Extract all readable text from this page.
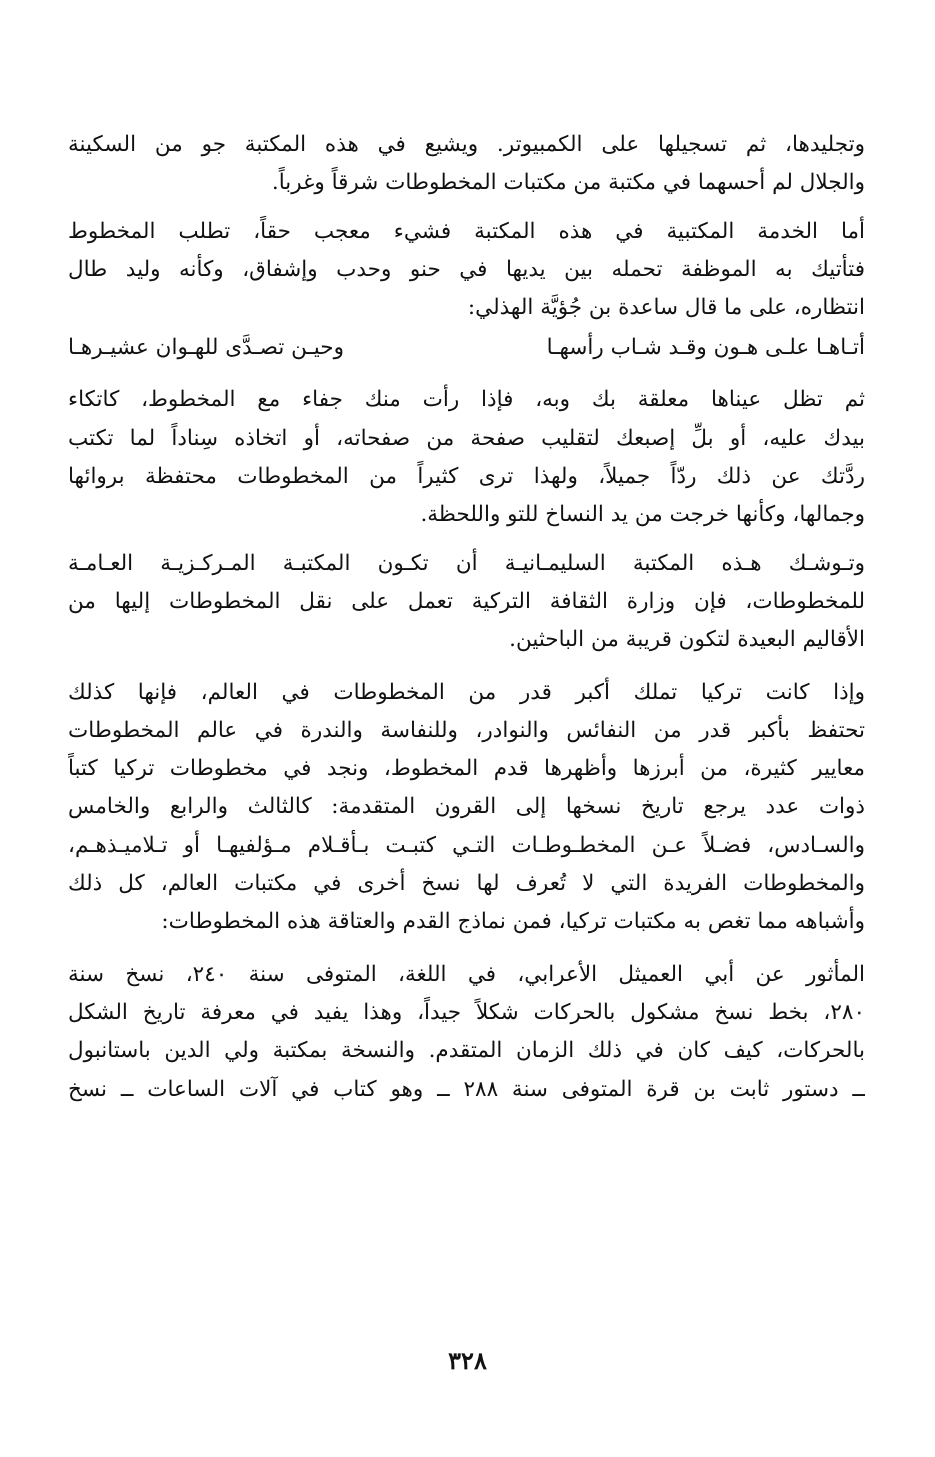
وتجليدها، ثم تسجيلها على الكمبيوتر. ويشيع في هذه المكتبة جو من السكينة
والجلال لم أحسهما في مكتبة من مكتبات المخطوطات شرقاً وغرباً.

أما الخدمة المكتبية في هذه المكتبة فشيء معجب حقاً، تطلب المخطوط
فتأتيك به الموظفة تحمله بين يديها في حنو وحدب وإشفاق، وكأنه وليد طال
انتظاره، على ما قال ساعدة بن جُؤيَّة الهذلي:

أتـاهـا علـى هـون وقـد شـاب رأسهـا
وحيـن تصـدَّى للهـوان عشيـرهـا

ثم تظل عيناها معلقة بك وبه، فإذا رأت منك جفاء مع المخطوط، كاتكاء
بيدك عليه، أو بلِّ إصبعك لتقليب صفحة من صفحاته، أو اتخاذه سِناداً لما تكتب
ردَّتك عن ذلك ردّاً جميلاً، ولهذا ترى كثيراً من المخطوطات محتفظة بروائها
وجمالها، وكأنها خرجت من يد النساخ للتو واللحظة.

وتـوشـك هـذه المكتبة السليمـانيـة أن تكـون المكتبـة المـركـزيـة العـامـة
للمخطوطات، فإن وزارة الثقافة التركية تعمل على نقل المخطوطات إليها من
الأقاليم البعيدة لتكون قريبة من الباحثين.

وإذا كانت تركيا تملك أكبر قدر من المخطوطات في العالم، فإنها كذلك
تحتفظ بأكبر قدر من النفائس والنوادر، وللنفاسة والندرة في عالم المخطوطات
معايير كثيرة، من أبرزها وأظهرها قدم المخطوط، ونجد في مخطوطات تركيا كتباً
ذوات عدد يرجع تاريخ نسخها إلى القرون المتقدمة: كالثالث والرابع والخامس
والسـادس، فضـلاً عـن المخطـوطـات التـي كتبـت بـأقـلام مـؤلفيهـا أو تـلاميـذهـم،
والمخطوطات الفريدة التي لا تُعرف لها نسخ أخرى في مكتبات العالم، كل ذلك
وأشباهه مما تغص به مكتبات تركيا، فمن نماذج القدم والعتاقة هذه المخطوطات:

المأثور عن أبي العميثل الأعرابي، في اللغة، المتوفى سنة ٢٤٠، نسخ سنة
٢٨٠، بخط نسخ مشكول بالحركات شكلاً جيداً، وهذا يفيد في معرفة تاريخ الشكل
بالحركات، كيف كان في ذلك الزمان المتقدم. والنسخة بمكتبة ولي الدين باستانبول
ــ دستور ثابت بن قرة المتوفى سنة ٢٨٨ ــ وهو كتاب في آلات الساعات ــ نسخ

٣٢٨
